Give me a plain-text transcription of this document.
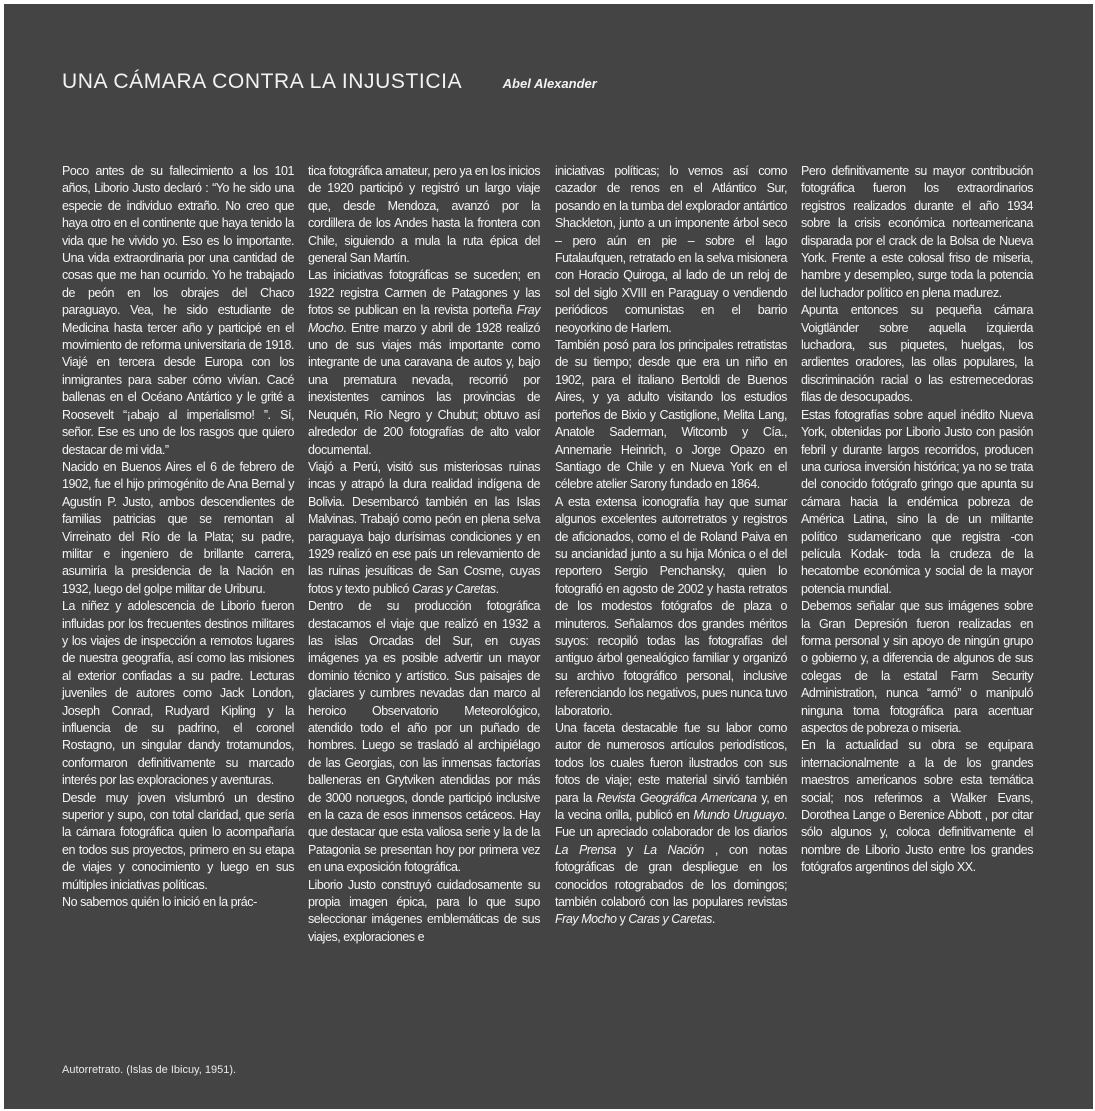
UNA CÁMARA CONTRA LA INJUSTICIA	Abel Alexander

Poco antes de su fallecimiento a los 101 años, Liborio Justo declaró : “Yo he sido una especie de individuo extraño. No creo que haya otro en el continente que haya tenido la vida que he vivido yo. Eso es lo importante. Una vida extraordinaria por una cantidad de cosas que me han ocurrido. Yo he trabajado de peón en los obrajes del Chaco paraguayo. Vea, he sido estudiante de Medicina hasta tercer año y participé en el movimiento de reforma universitaria de 1918. Viajé en tercera desde Europa con los inmigrantes para saber cómo vivían. Cacé ballenas en el Océano Antártico y le grité a Roosevelt “¡abajo al imperialismo! ”. Sí, señor. Ese es uno de los rasgos que quiero destacar de mi vida.”

Nacido en Buenos Aires el 6 de febrero de 1902, fue el hijo primogénito de Ana Bernal y Agustín P. Justo, ambos descendientes de familias patricias que se remontan al Virreinato del Río de la Plata; su padre, militar e ingeniero de brillante carrera, asumiría la presidencia de la Nación en 1932, luego del golpe militar de Uriburu.

La niñez y adolescencia de Liborio fueron influidas por los frecuentes destinos militares y los viajes de inspección a remotos lugares de nuestra geografía, así como las misiones al exterior confiadas a su padre. Lecturas juveniles de autores como Jack London, Joseph Conrad, Rudyard Kipling y la influencia de su padrino, el coronel Rostagno, un singular dandy trotamundos, conformaron definitivamente su marcado interés por las exploraciones y aventuras.

Desde muy joven vislumbró un destino superior y supo, con total claridad, que sería la cámara fotográfica quien lo acompañaría en todos sus proyectos, primero en su etapa de viajes y conocimiento y luego en sus múltiples iniciativas políticas.

No sabemos quién lo inició en la prác-

tica fotográfica amateur, pero ya en los inicios de 1920 participó y registró un largo viaje que, desde Mendoza, avanzó por la cordillera de los Andes hasta la frontera con Chile, siguiendo a mula la ruta épica del general San Martín.

Las iniciativas fotográficas se suceden; en 1922 registra Carmen de Patagones y las fotos se publican en la revista porteña Fray Mocho. Entre marzo y abril de 1928 realizó uno de sus viajes más importante como integrante de una caravana de autos y, bajo una prematura nevada, recorrió por inexistentes caminos las provincias de Neuquén, Río Negro y Chubut; obtuvo así alrededor de 200 fotografías de alto valor documental.

Viajó a Perú, visitó sus misteriosas ruinas incas y atrapó la dura realidad indígena de Bolivia. Desembarcó también en las Islas Malvinas. Trabajó como peón en plena selva paraguaya bajo durísimas condiciones y en 1929 realizó en ese país un relevamiento de las ruinas jesuíticas de San Cosme, cuyas fotos y texto publicó Caras y Caretas.

Dentro de su producción fotográfica destacamos el viaje que realizó en 1932 a las islas Orcadas del Sur, en cuyas imágenes ya es posible advertir un mayor dominio técnico y artístico. Sus paisajes de glaciares y cumbres nevadas dan marco al heroico Observatorio Meteorológico, atendido todo el año por un puñado de hombres. Luego se trasladó al archipiélago de las Georgias, con las inmensas factorías balleneras en Grytviken atendidas por más de 3000 noruegos, donde participó inclusive en la caza de esos inmensos cetáceos. Hay que destacar que esta valiosa serie y la de la Patagonia se presentan hoy por primera vez en una exposición fotográfica.

Liborio Justo construyó cuidadosamente su propia imagen épica, para lo que supo seleccionar imágenes emblemáticas de sus viajes, exploraciones e

iniciativas políticas; lo vemos así como cazador de renos en el Atlántico Sur, posando en la tumba del explorador antártico Shackleton, junto a un imponente árbol seco – pero aún en pie – sobre el lago Futalaufquen, retratado en la selva misionera con Horacio Quiroga, al lado de un reloj de sol del siglo XVIII en Paraguay o vendiendo periódicos comunistas en el barrio neoyorkino de Harlem.

También posó para los principales retratistas de su tiempo; desde que era un niño en 1902, para el italiano Bertoldi de Buenos Aires, y ya adulto visitando los estudios porteños de Bixio y Castiglione, Melita Lang, Anatole Saderman, Witcomb y Cía., Annemarie Heinrich, o Jorge Opazo en Santiago de Chile y en Nueva York en el célebre atelier Sarony fundado en 1864.

A esta extensa iconografía hay que sumar algunos excelentes autorretratos y registros de aficionados, como el de Roland Paiva en su ancianidad junto a su hija Mónica o el del reportero Sergio Penchansky, quien lo fotografió en agosto de 2002 y hasta retratos de los modestos fotógrafos de plaza o minuteros. Señalamos dos grandes méritos suyos: recopiló todas las fotografías del antiguo árbol genealógico familiar y organizó su archivo fotográfico personal, inclusive referenciando los negativos, pues nunca tuvo laboratorio.

Una faceta destacable fue su labor como autor de numerosos artículos periodísticos, todos los cuales fueron ilustrados con sus fotos de viaje; este material sirvió también para la Revista Geográfica Americana y, en la vecina orilla, publicó en Mundo Uruguayo. Fue un apreciado colaborador de los diarios La Prensa y La Nación , con notas fotográficas de gran despliegue en los conocidos rotograbados de los domingos; también colaboró con las populares revistas Fray Mocho y Caras y Caretas.

Pero definitivamente su mayor contribución fotográfica fueron los extraordinarios registros realizados durante el año 1934 sobre la crisis económica norteamericana disparada por el crack de la Bolsa de Nueva York. Frente a este colosal friso de miseria, hambre y desempleo, surge toda la potencia del luchador político en plena madurez.

Apunta entonces su pequeña cámara Voigtländer sobre aquella izquierda luchadora, sus piquetes, huelgas, los ardientes oradores, las ollas populares, la discriminación racial o las estremecedoras filas de desocupados.

Estas fotografías sobre aquel inédito Nueva York, obtenidas por Liborio Justo con pasión febril y durante largos recorridos, producen una curiosa inversión histórica; ya no se trata del conocido fotógrafo gringo que apunta su cámara hacia la endémica pobreza de América Latina, sino la de un militante político sudamericano que registra -con película Kodak- toda la crudeza de la hecatombe económica y social de la mayor potencia mundial.

Debemos señalar que sus imágenes sobre la Gran Depresión fueron realizadas en forma personal y sin apoyo de ningún grupo o gobierno y, a diferencia de algunos de sus colegas de la estatal Farm Security Administration, nunca “armó” o manipuló ninguna toma fotográfica para acentuar aspectos de pobreza o miseria.

En la actualidad su obra se equipara internacionalmente a la de los grandes maestros americanos sobre esta temática social; nos referimos a Walker Evans, Dorothea Lange o Berenice Abbott , por citar sólo algunos y, coloca definitivamente el nombre de Liborio Justo entre los grandes fotógrafos argentinos del siglo XX.

Autorretrato. (Islas de Ibicuy, 1951).
